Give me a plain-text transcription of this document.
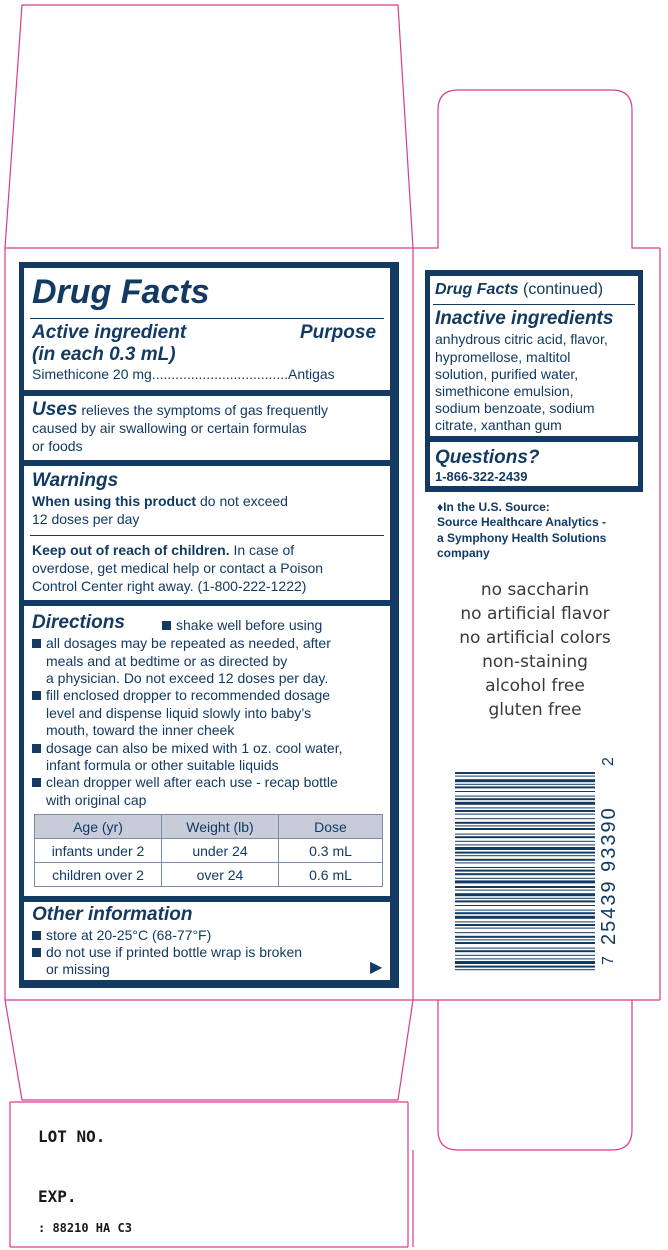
Drug Facts
Active ingredient
(in each 0.3 mL)
Purpose
Simethicone 20 mg...................................Antigas
Uses relieves the symptoms of gas frequently
caused by air swallowing or certain formulas
or foods
Warnings
When using this product do not exceed
12 doses per day
Keep out of reach of children. In case of
overdose, get medical help or contact a Poison
Control Center right away. (1-800-222-1222)
Directions	shake well before using
all dosages may be repeated as needed, after
meals and at bedtime or as directed by
a physician. Do not exceed 12 doses per day.
fill enclosed dropper to recommended dosage
level and dispense liquid slowly into baby’s
mouth, toward the inner cheek
dosage can also be mixed with 1 oz. cool water,
infant formula or other suitable liquids
clean dropper well after each use - recap bottle
with original cap
Age (yr)	Weight (lb)	Dose
infants under 2	under 24	0.3 mL
children over 2	over 24	0.6 mL
Other information
store at 20-25°C (68-77°F)
do not use if printed bottle wrap is broken
or missing	▶
Drug Facts (continued)
Inactive ingredients
anhydrous citric acid, flavor,
hypromellose, maltitol
solution, purified water,
simethicone emulsion,
sodium benzoate, sodium
citrate, xanthan gum
Questions?
1-866-322-2439
♦In the U.S. Source:
Source Healthcare Analytics -
a Symphony Health Solutions
company
no saccharin
no artificial flavor
no artificial colors
non-staining
alcohol free
gluten free
7
25439 93390
2
LOT NO.
EXP.
: 88210 HA C3
